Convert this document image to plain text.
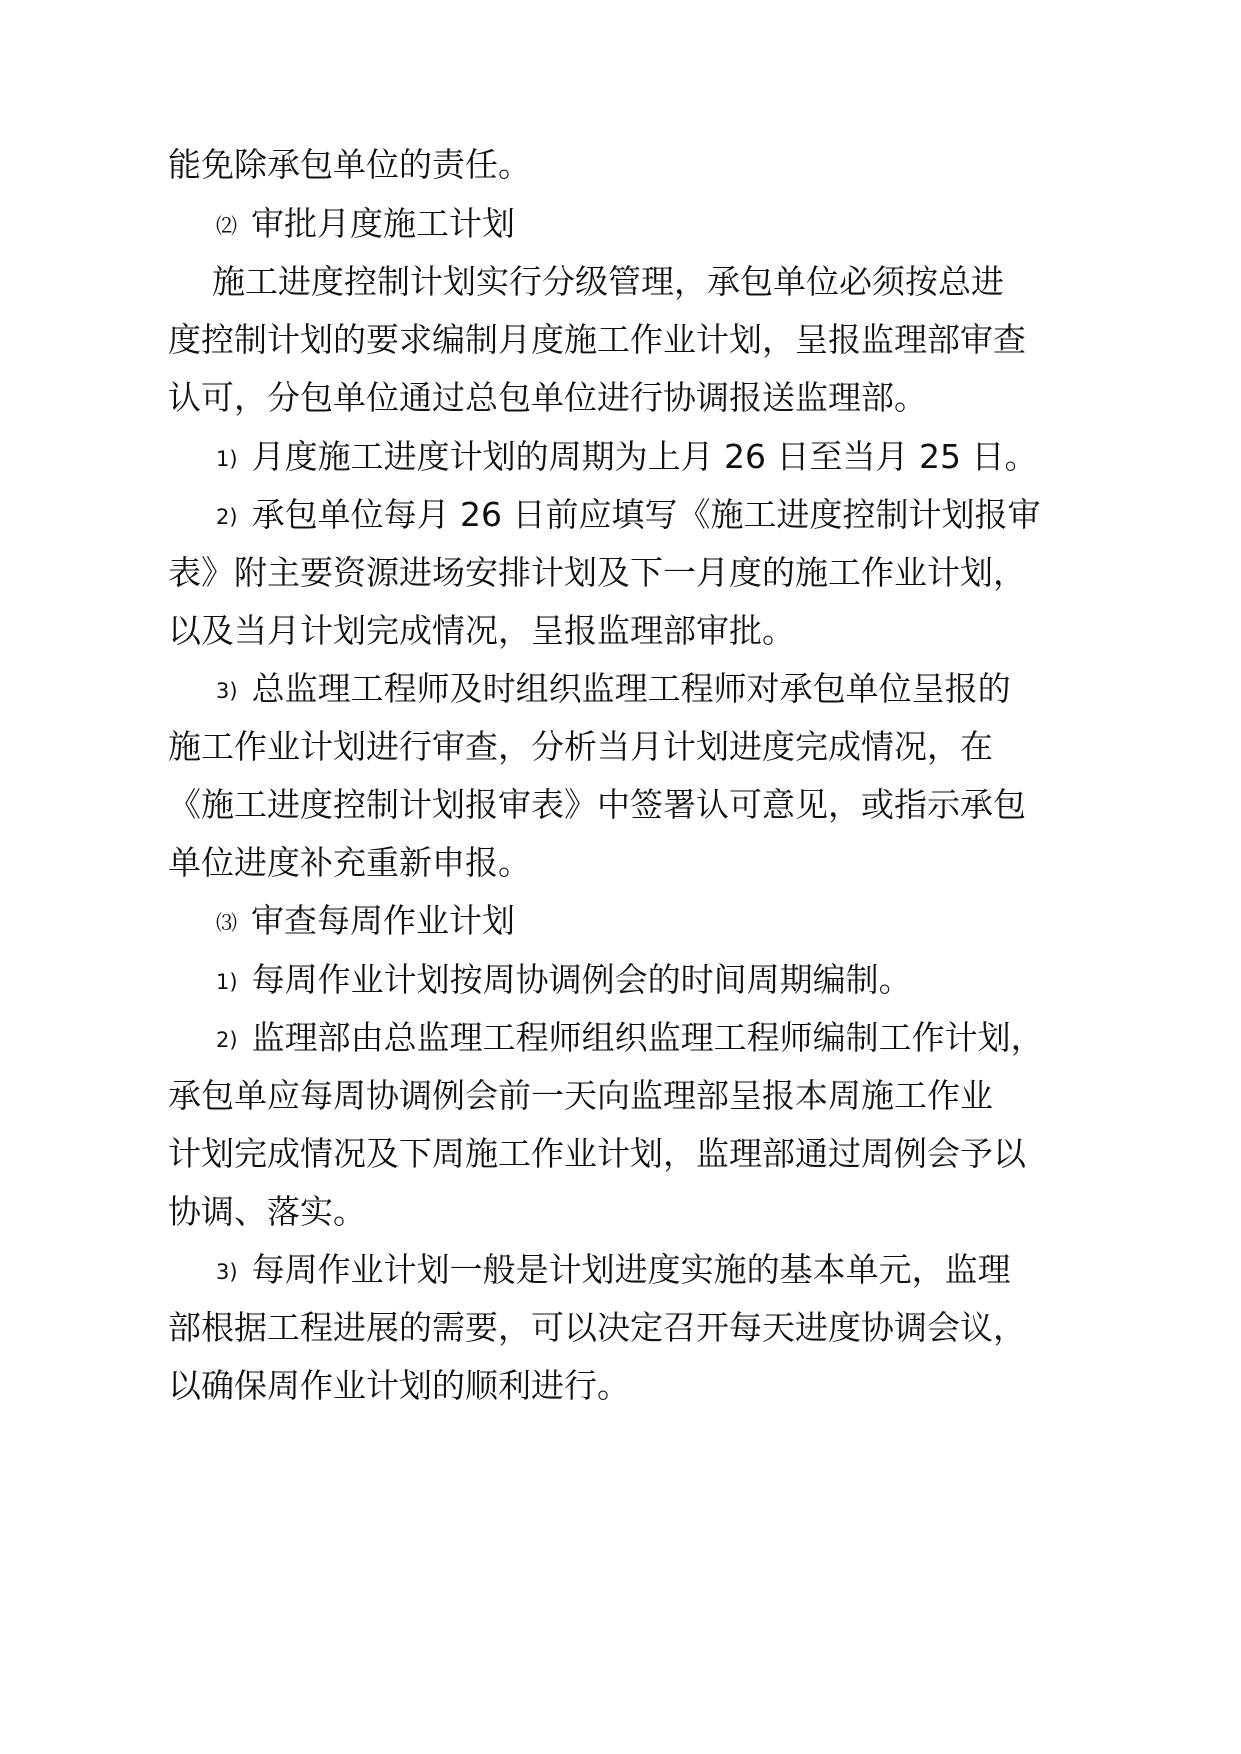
能免除承包单位的责任。
⑵ 审批月度施工计划
施工进度控制计划实行分级管理，承包单位必须按总进
度控制计划的要求编制月度施工作业计划，呈报监理部审查
认可，分包单位通过总包单位进行协调报送监理部。
1) 月度施工进度计划的周期为上月 26 日至当月 25 日。
2) 承包单位每月 26 日前应填写《施工进度控制计划报审
表》附主要资源进场安排计划及下一月度的施工作业计划，
以及当月计划完成情况，呈报监理部审批。
3) 总监理工程师及时组织监理工程师对承包单位呈报的
施工作业计划进行审查，分析当月计划进度完成情况，在
《施工进度控制计划报审表》中签署认可意见，或指示承包
单位进度补充重新申报。
⑶ 审查每周作业计划
1) 每周作业计划按周协调例会的时间周期编制。
2) 监理部由总监理工程师组织监理工程师编制工作计划，
承包单应每周协调例会前一天向监理部呈报本周施工作业
计划完成情况及下周施工作业计划，监理部通过周例会予以
协调、落实。
3) 每周作业计划一般是计划进度实施的基本单元，监理
部根据工程进展的需要，可以决定召开每天进度协调会议，
以确保周作业计划的顺利进行。
